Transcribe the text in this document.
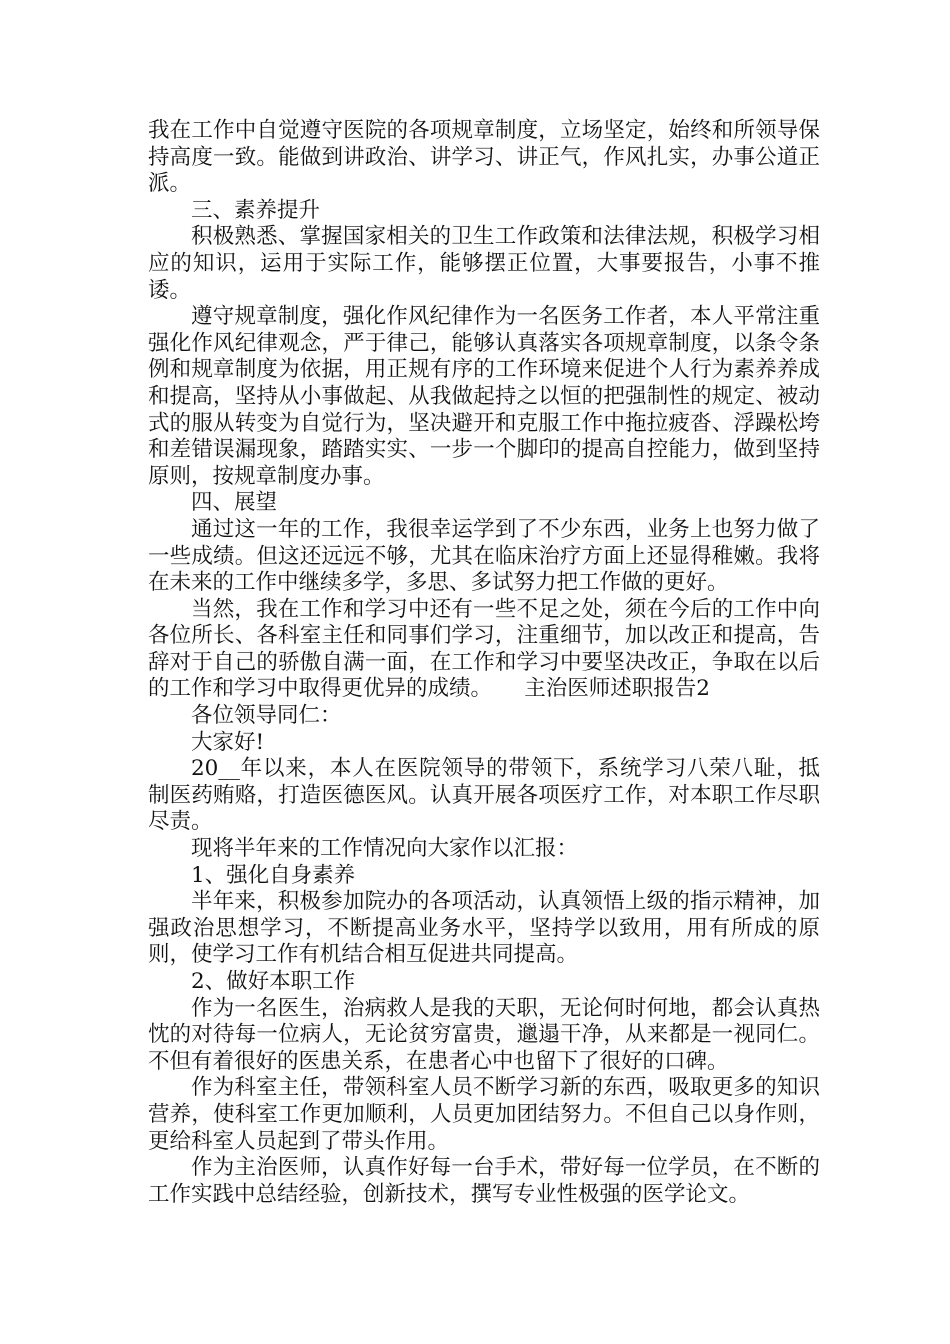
我在工作中自觉遵守医院的各项规章制度，立场坚定，始终和所领导保持高度一致。能做到讲政治、讲学习、讲正气，作风扎实，办事公道正派。

三、素养提升

积极熟悉、掌握国家相关的卫生工作政策和法律法规，积极学习相应的知识，运用于实际工作，能够摆正位置，大事要报告，小事不推诿。

遵守规章制度，强化作风纪律作为一名医务工作者，本人平常注重强化作风纪律观念，严于律己，能够认真落实各项规章制度，以条令条例和规章制度为依据，用正规有序的工作环境来促进个人行为素养养成和提高，坚持从小事做起、从我做起持之以恒的把强制性的规定、被动式的服从转变为自觉行为，坚决避开和克服工作中拖拉疲沓、浮躁松垮和差错误漏现象，踏踏实实、一步一个脚印的提高自控能力，做到坚持原则，按规章制度办事。

四、展望

通过这一年的工作，我很幸运学到了不少东西，业务上也努力做了一些成绩。但这还远远不够，尤其在临床治疗方面上还显得稚嫩。我将在未来的工作中继续多学，多思、多试努力把工作做的更好。

当然，我在工作和学习中还有一些不足之处，须在今后的工作中向各位所长、各科室主任和同事们学习，注重细节，加以改正和提高，告辞对于自己的骄傲自满一面，在工作和学习中要坚决改正，争取在以后的工作和学习中取得更优异的成绩。　　主治医师述职报告2

各位领导同仁：

大家好!

20__年以来，本人在医院领导的带领下，系统学习八荣八耻，抵制医药贿赂，打造医德医风。认真开展各项医疗工作，对本职工作尽职尽责。

现将半年来的工作情况向大家作以汇报：

1、强化自身素养

半年来，积极参加院办的各项活动，认真领悟上级的指示精神，加强政治思想学习，不断提高业务水平，坚持学以致用，用有所成的原则，使学习工作有机结合相互促进共同提高。

2、做好本职工作

作为一名医生，治病救人是我的天职，无论何时何地，都会认真热忱的对待每一位病人，无论贫穷富贵，邋遢干净，从来都是一视同仁。不但有着很好的医患关系，在患者心中也留下了很好的口碑。

作为科室主任，带领科室人员不断学习新的东西，吸取更多的知识营养，使科室工作更加顺利，人员更加团结努力。不但自己以身作则，更给科室人员起到了带头作用。

作为主治医师，认真作好每一台手术，带好每一位学员，在不断的工作实践中总结经验，创新技术，撰写专业性极强的医学论文。
